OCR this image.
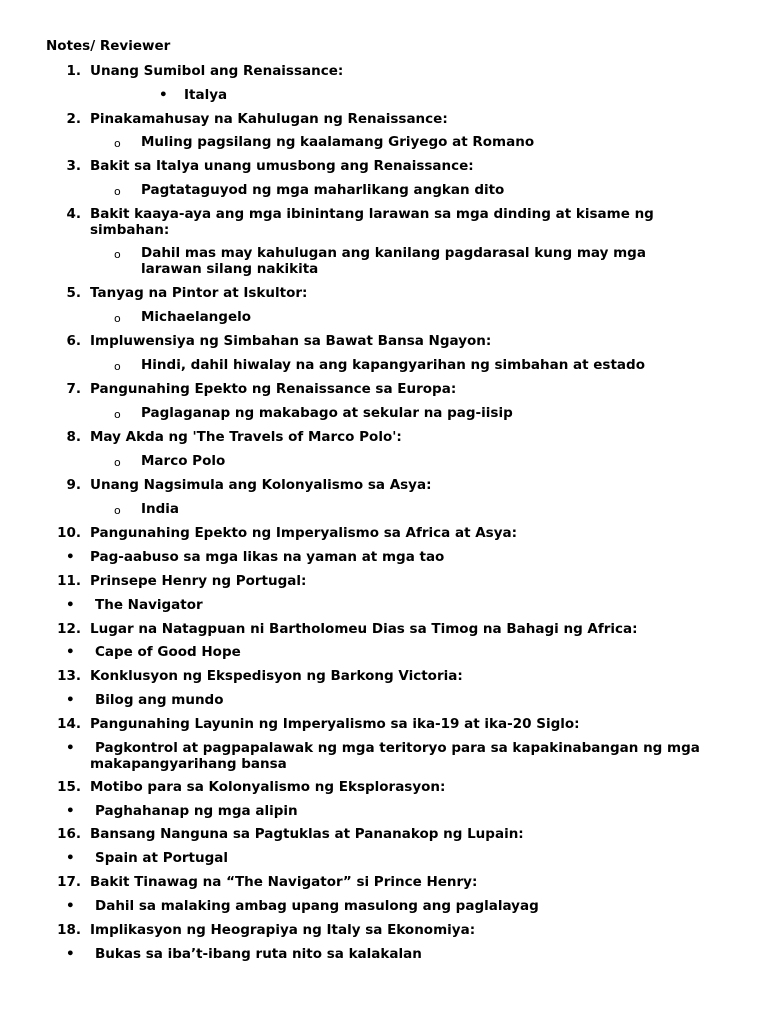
Notes/ Reviewer
1. Unang Sumibol ang Renaissance:
• Italya
2. Pinakamahusay na Kahulugan ng Renaissance:
o Muling pagsilang ng kaalamang Griyego at Romano
3. Bakit sa Italya unang umusbong ang Renaissance:
o Pagtataguyod ng mga maharlikang angkan dito
4. Bakit kaaya-aya ang mga ibinintang larawan sa mga dinding at kisame ng simbahan:
o	Dahil mas may kahulugan ang kanilang pagdarasal kung may mga larawan silang nakikita
5. Tanyag na Pintor at Iskultor:
o Michaelangelo
6. Impluwensiya ng Simbahan sa Bawat Bansa Ngayon:
o Hindi, dahil hiwalay na ang kapangyarihan ng simbahan at estado
7. Pangunahing Epekto ng Renaissance sa Europa:
o Paglaganap ng makabago at sekular na pag-iisip
8. May Akda ng 'The Travels of Marco Polo':
o Marco Polo
9. Unang Nagsimula ang Kolonyalismo sa Asya:
o India
10. Pangunahing Epekto ng Imperyalismo sa Africa at Asya:
• Pag-aabuso sa mga likas na yaman at mga tao
11. Prinsepe Henry ng Portugal:
• The Navigator
12. Lugar na Natagpuan ni Bartholomeu Dias sa Timog na Bahagi ng Africa:
• Cape of Good Hope
13. Konklusyon ng Ekspedisyon ng Barkong Victoria:
• Bilog ang mundo
14. Pangunahing Layunin ng Imperyalismo sa ika-19 at ika-20 Siglo:
•	Pagkontrol at pagpapalawak ng mga teritoryo para sa kapakinabangan ng mga makapangyarihang bansa
15. Motibo para sa Kolonyalismo ng Eksplorasyon:
• Paghahanap ng mga alipin
16. Bansang Nanguna sa Pagtuklas at Pananakop ng Lupain:
• Spain at Portugal
17. Bakit Tinawag na “The Navigator” si Prince Henry:
• Dahil sa malaking ambag upang masulong ang paglalayag
18. Implikasyon ng Heograpiya ng Italy sa Ekonomiya:
• Bukas sa iba’t-ibang ruta nito sa kalakalan
